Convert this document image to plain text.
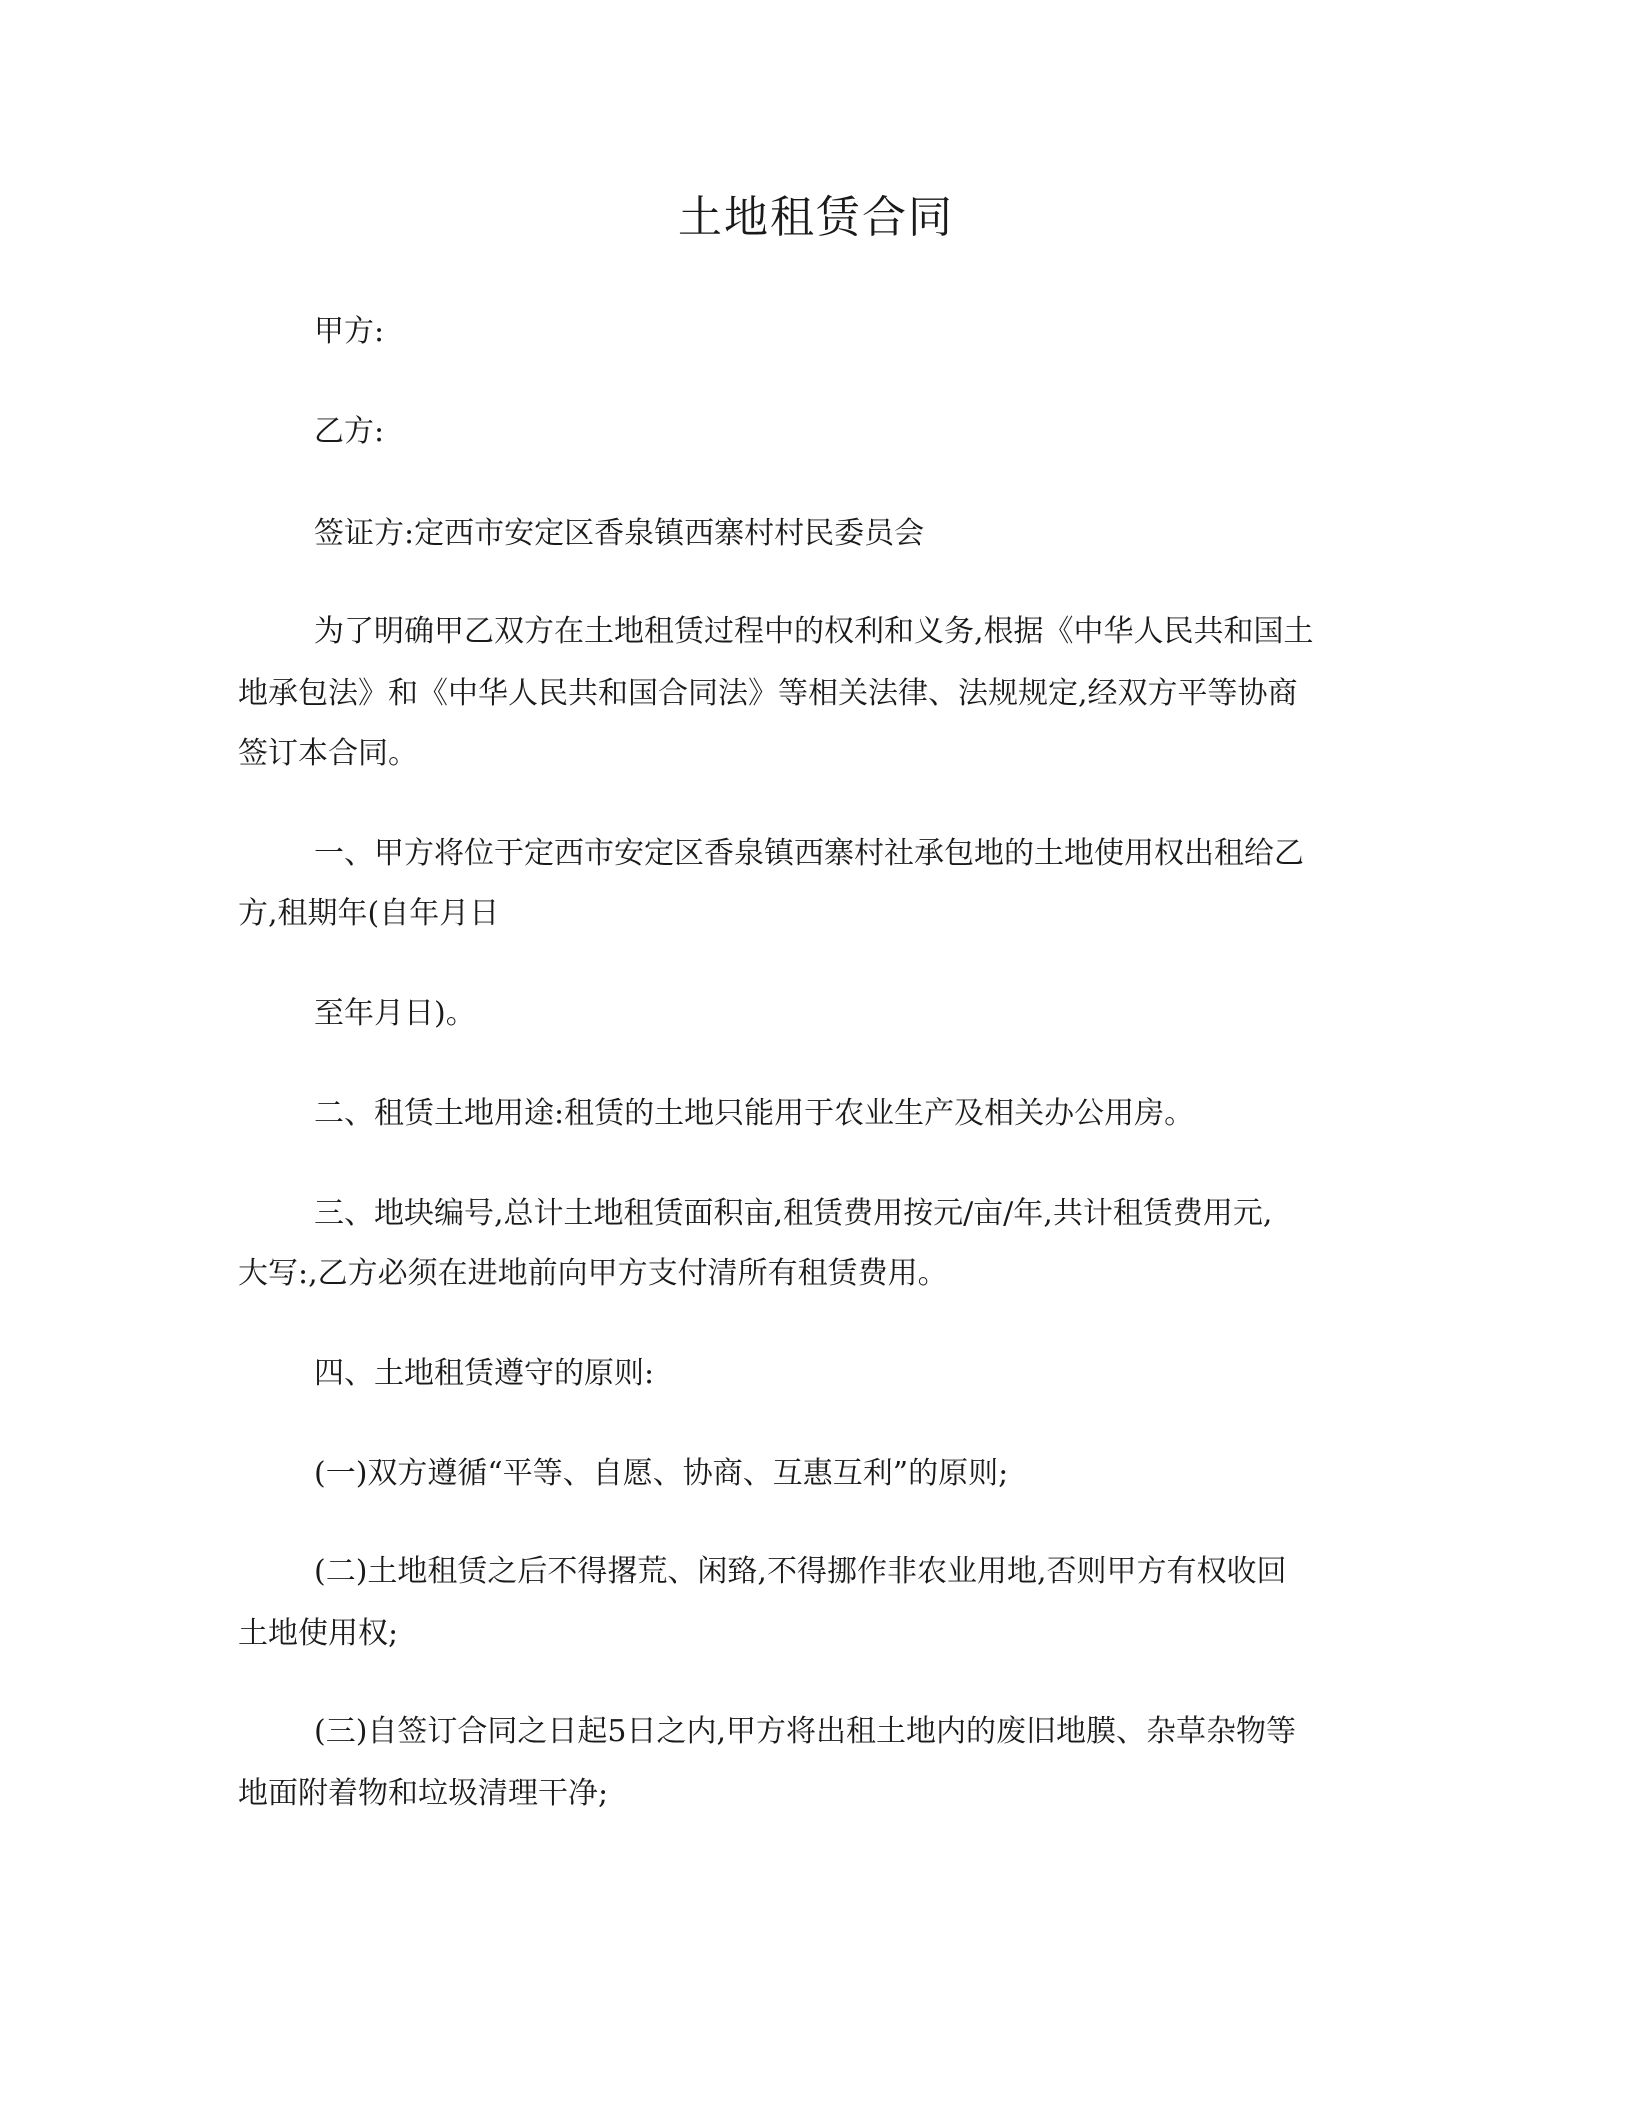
土地租赁合同
甲方:
乙方:
签证方:定西市安定区香泉镇西寨村村民委员会
为了明确甲乙双方在土地租赁过程中的权利和义务,根据《中华人民共和国土
地承包法》和《中华人民共和国合同法》等相关法律、法规规定,经双方平等协商
签订本合同。
一、甲方将位于定西市安定区香泉镇西寨村社承包地的土地使用权出租给乙
方,租期年(自年月日
至年月日)。
二、租赁土地用途:租赁的土地只能用于农业生产及相关办公用房。
三、地块编号,总计土地租赁面积亩,租赁费用按元/亩/年,共计租赁费用元,
大写:,乙方必须在进地前向甲方支付清所有租赁费用。
四、土地租赁遵守的原则:
(一)双方遵循“平等、自愿、协商、互惠互利”的原则;
(二)土地租赁之后不得撂荒、闲臵,不得挪作非农业用地,否则甲方有权收回
土地使用权;
(三)自签订合同之日起5日之内,甲方将出租土地内的废旧地膜、杂草杂物等
地面附着物和垃圾清理干净;
